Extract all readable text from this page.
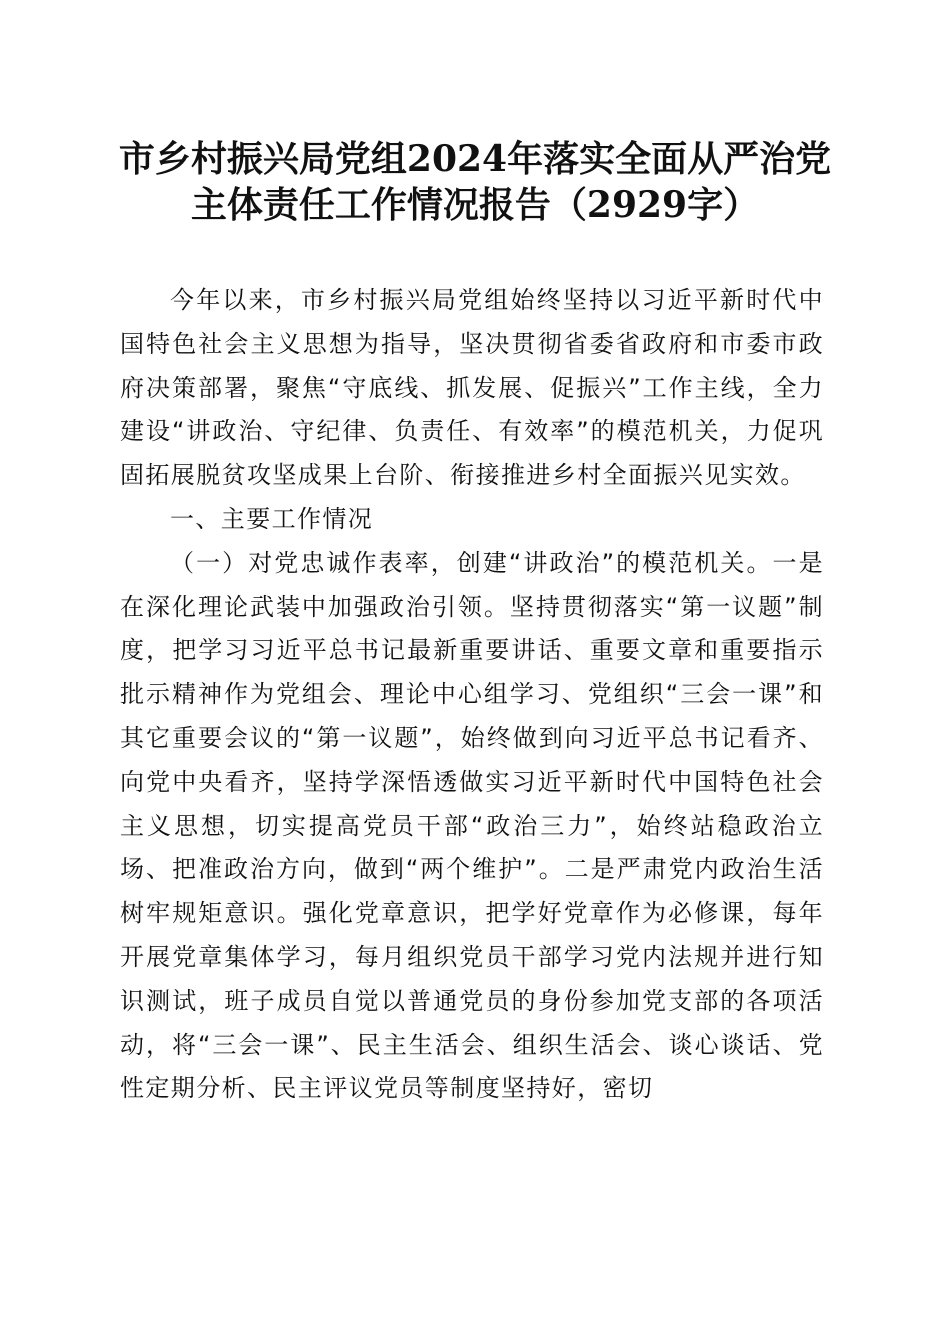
市乡村振兴局党组2024年落实全面从严治党
主体责任工作情况报告（2929字）

今年以来，市乡村振兴局党组始终坚持以习近平新时代中国特色社会主义思想为指导，坚决贯彻省委省政府和市委市政府决策部署，聚焦“守底线、抓发展、促振兴”工作主线，全力建设“讲政治、守纪律、负责任、有效率”的模范机关，力促巩固拓展脱贫攻坚成果上台阶、衔接推进乡村全面振兴见实效。

一、主要工作情况

（一）对党忠诚作表率，创建“讲政治”的模范机关。一是在深化理论武装中加强政治引领。坚持贯彻落实“第一议题”制度，把学习习近平总书记最新重要讲话、重要文章和重要指示批示精神作为党组会、理论中心组学习、党组织“三会一课”和其它重要会议的“第一议题”，始终做到向习近平总书记看齐、向党中央看齐，坚持学深悟透做实习近平新时代中国特色社会主义思想，切实提高党员干部“政治三力”，始终站稳政治立场、把准政治方向，做到“两个维护”。二是严肃党内政治生活树牢规矩意识。强化党章意识，把学好党章作为必修课，每年开展党章集体学习，每月组织党员干部学习党内法规并进行知识测试，班子成员自觉以普通党员的身份参加党支部的各项活动，将“三会一课”、民主生活会、组织生活会、谈心谈话、党性定期分析、民主评议党员等制度坚持好，密切
